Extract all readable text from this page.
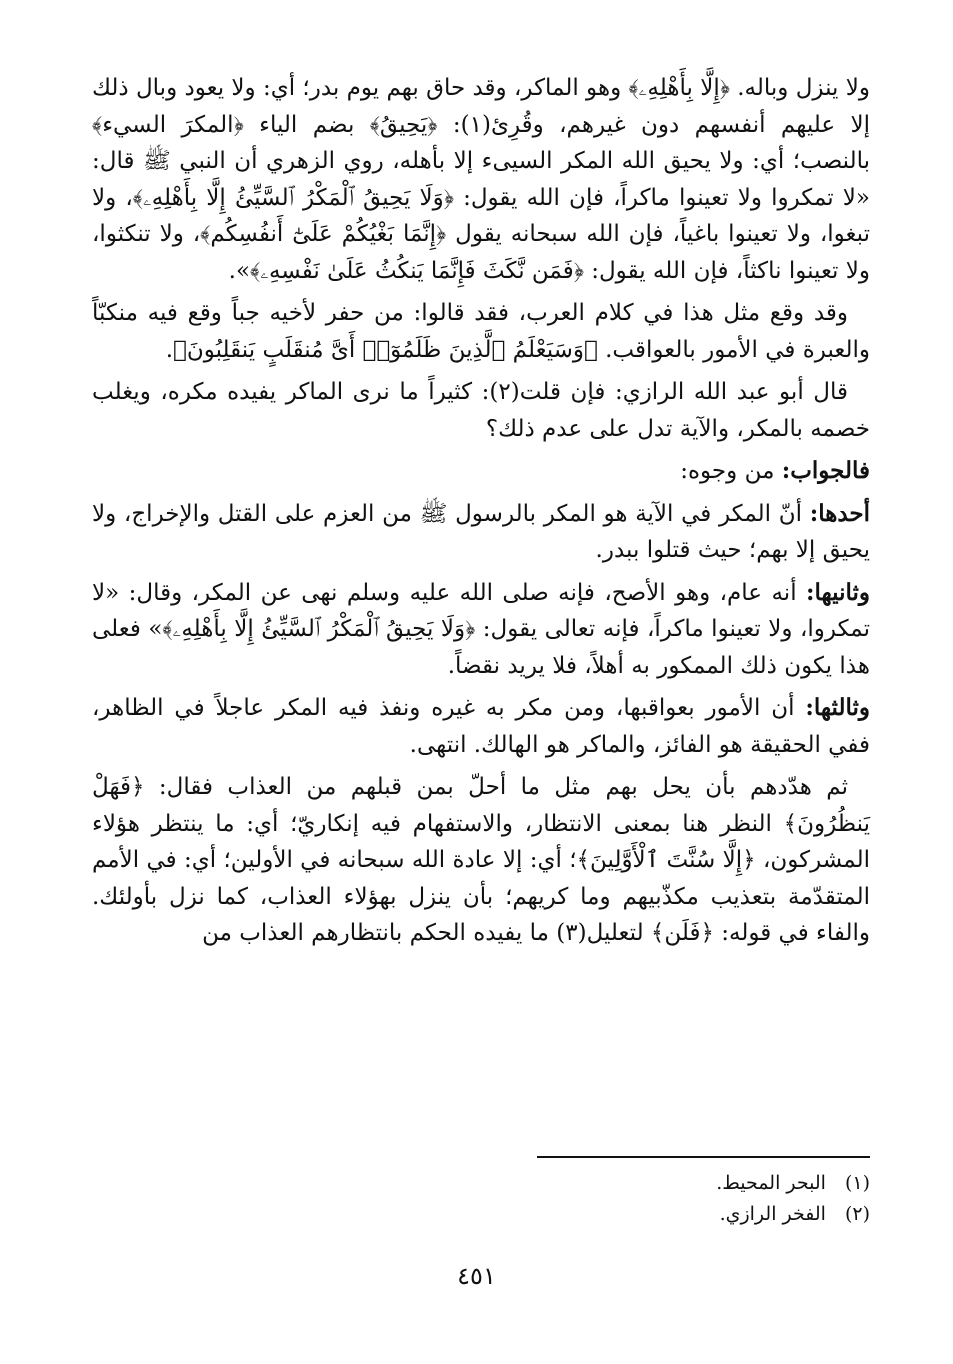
ولا ينزل وباله. ﴿إِلَّا بِأَهْلِهِۦ﴾ وهو الماكر، وقد حاق بهم يوم بدر؛ أي: ولا يعود وبال ذلك إلا عليهم أنفسهم دون غيرهم، وقُرِئ(١): ﴿يَحِيقُ﴾ بضم الياء ﴿المكرَ السيء﴾ بالنصب؛ أي: ولا يحيق الله المكر السيىء إلا بأهله، روي الزهري أن النبي ﷺ قال: «لا تمكروا ولا تعينوا ماكراً، فإن الله يقول: ﴿وَلَا يَحِيقُ ٱلْمَكْرُ ٱلسَّيِّئُ إِلَّا بِأَهْلِهِۦ﴾، ولا تبغوا، ولا تعينوا باغياً، فإن الله سبحانه يقول ﴿إِنَّمَا بَغْيُكُمْ عَلَىٰٓ أَنفُسِكُم﴾، ولا تنكثوا، ولا تعينوا ناكثاً، فإن الله يقول: ﴿فَمَن نَّكَثَ فَإِنَّمَا يَنكُثُ عَلَىٰ نَفْسِهِۦ﴾».

وقد وقع مثل هذا في كلام العرب، فقد قالوا: من حفر لأخيه جباً وقع فيه منكبّاً والعبرة في الأمور بالعواقب. ﴿وَسَيَعْلَمُ ٱلَّذِينَ ظَلَمُوٓا۟ أَىَّ مُنقَلَبٍ يَنقَلِبُونَ﴾.

قال أبو عبد الله الرازي: فإن قلت(٢): كثيراً ما نرى الماكر يفيده مكره، ويغلب خصمه بالمكر، والآية تدل على عدم ذلك؟

فالجواب: من وجوه:

أحدها: أنّ المكر في الآية هو المكر بالرسول ﷺ من العزم على القتل والإخراج، ولا يحيق إلا بهم؛ حيث قتلوا ببدر.

وثانيها: أنه عام، وهو الأصح، فإنه صلى الله عليه وسلم نهى عن المكر، وقال: «لا تمكروا، ولا تعينوا ماكراً، فإنه تعالى يقول: ﴿وَلَا يَحِيقُ ٱلْمَكْرُ ٱلسَّيِّئُ إِلَّا بِأَهْلِهِۦ﴾» فعلى هذا يكون ذلك الممكور به أهلاً، فلا يريد نقضاً.

وثالثها: أن الأمور بعواقبها، ومن مكر به غيره ونفذ فيه المكر عاجلاً في الظاهر، ففي الحقيقة هو الفائز، والماكر هو الهالك. انتهى.

ثم هدّدهم بأن يحل بهم مثل ما أحلّ بمن قبلهم من العذاب فقال: ﴿فَهَلْ يَنظُرُونَ﴾ النظر هنا بمعنى الانتظار، والاستفهام فيه إنكاريّ؛ أي: ما ينتظر هؤلاء المشركون، ﴿إِلَّا سُنَّتَ ٱلْأَوَّلِينَ﴾؛ أي: إلا عادة الله سبحانه في الأولين؛ أي: في الأمم المتقدّمة بتعذيب مكذّبيهم وما كريهم؛ بأن ينزل بهؤلاء العذاب، كما نزل بأولئك. والفاء في قوله: ﴿فَلَن﴾ لتعليل(٣) ما يفيده الحكم بانتظارهم العذاب من

(١) البحر المحيط.
(٢) الفخر الرازي.
٤٥١
